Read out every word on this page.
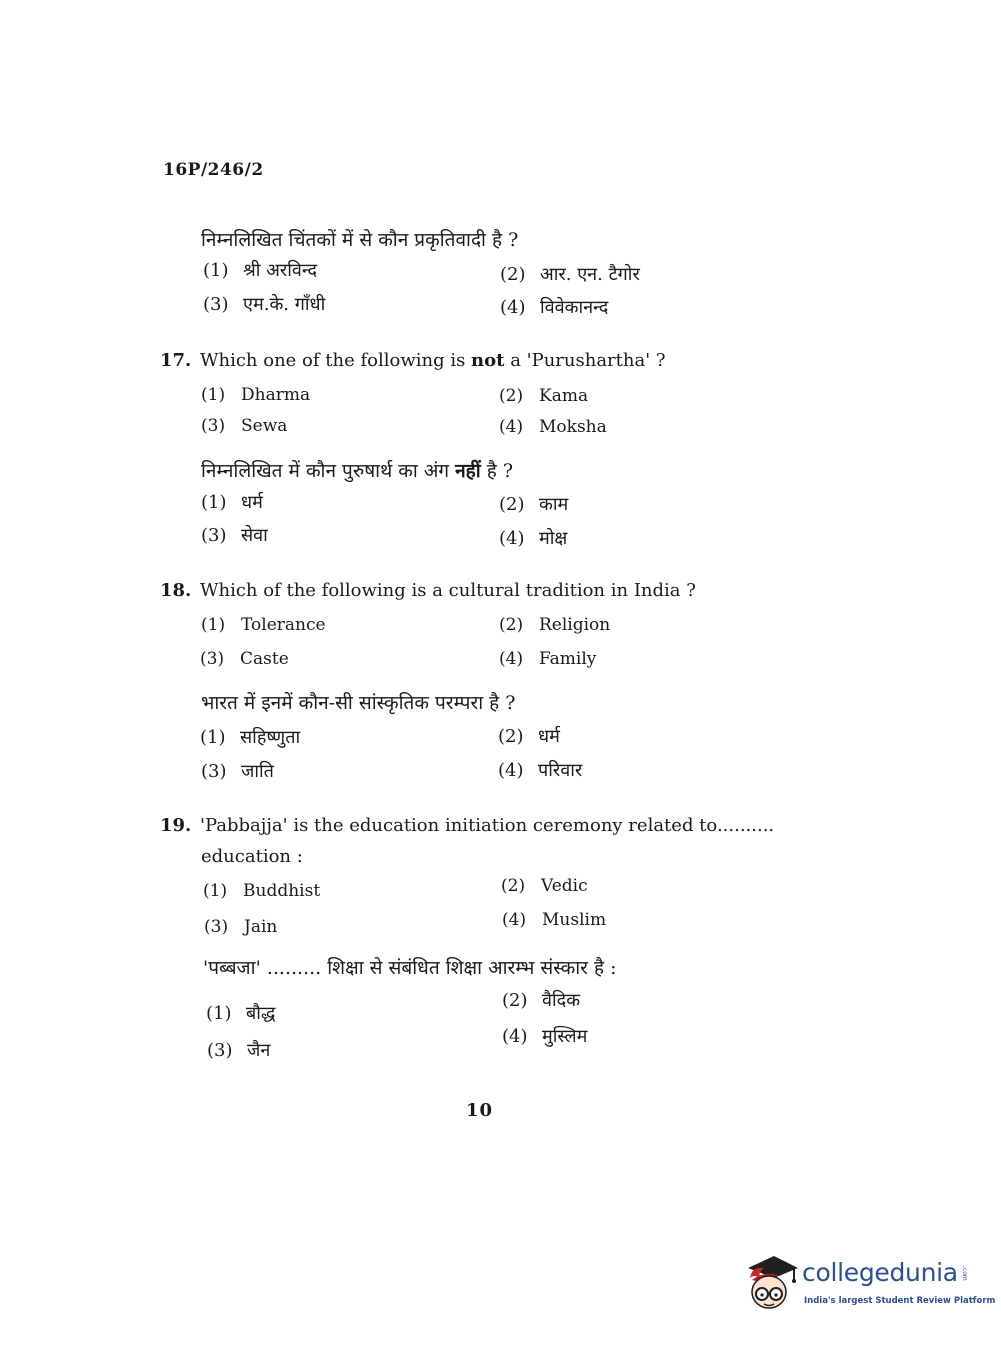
16P/246/2
निम्नलिखित चिंतकों में से कौन प्रकृतिवादी है ?
(1) श्री अरविन्द	(2) आर. एन. टैगोर
(3) एम.के. गाँधी	(4) विवेकानन्द
17. Which one of the following is not a 'Purushartha' ?
(1) Dharma	(2) Kama
(3) Sewa	(4) Moksha
निम्नलिखित में कौन पुरुषार्थ का अंग नहीं है ?
(1) धर्म	(2) काम
(3) सेवा	(4) मोक्ष
18. Which of the following is a cultural tradition in India ?
(1) Tolerance	(2) Religion
(3) Caste	(4) Family
भारत में इनमें कौन-सी सांस्कृतिक परम्परा है ?
(1) सहिष्णुता	(2) धर्म
(3) जाति	(4) परिवार
19. 'Pabbajja' is the education initiation ceremony related to..........
education :
(1) Buddhist	(2) Vedic
(3) Jain	(4) Muslim
'पब्बजा' ......... शिक्षा से संबंधित शिक्षा आरम्भ संस्कार है :
(1) बौद्ध
(2) वैदिक
(3) जैन
(4) मुस्लिम
10
collegedunia .com
India's largest Student Review Platform
